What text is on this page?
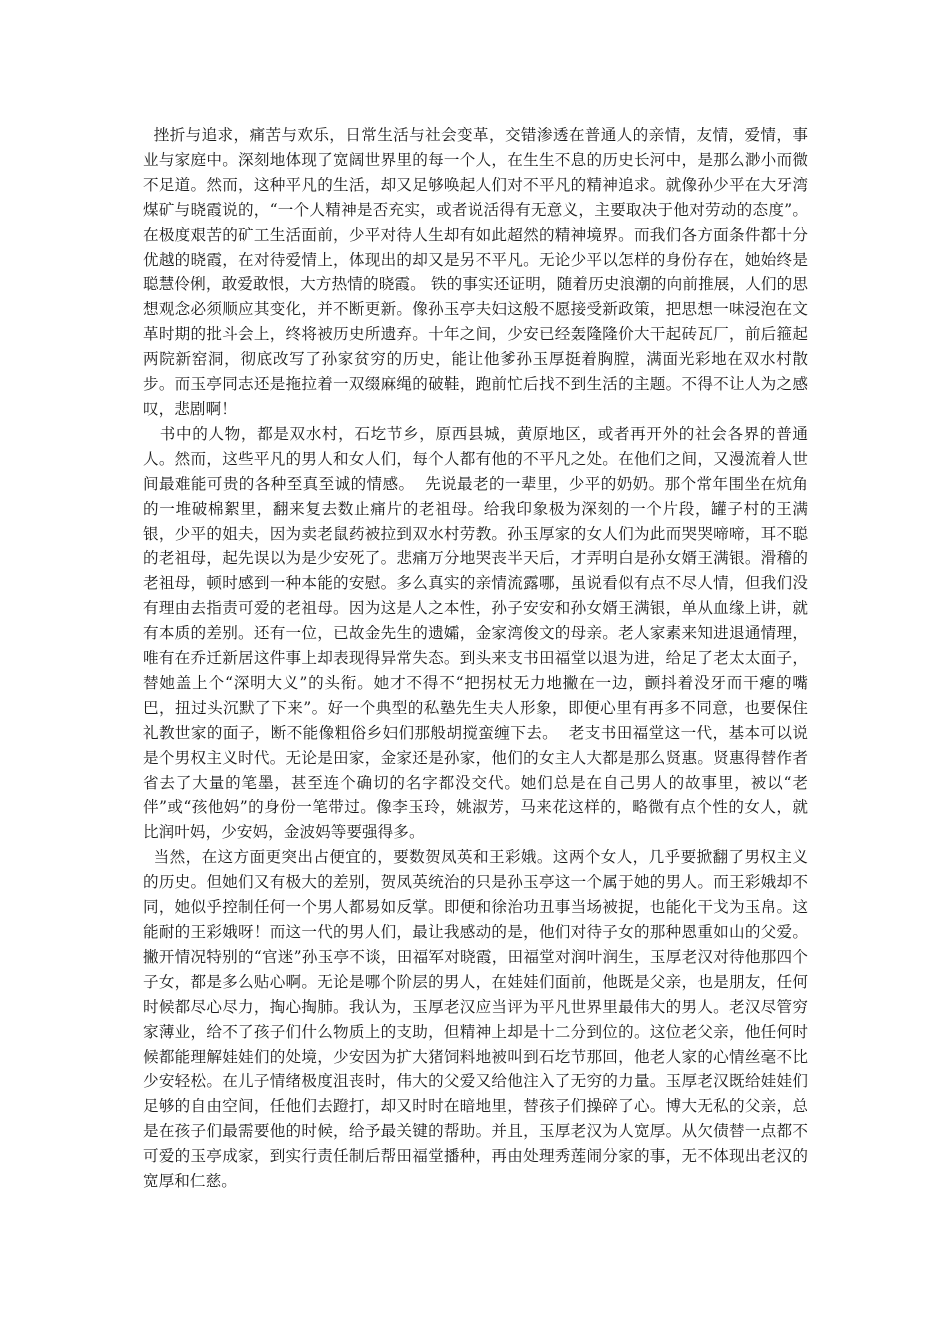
挫折与追求，痛苦与欢乐，日常生活与社会变革，交错渗透在普通人的亲情，友情，爱情，事业与家庭中。深刻地体现了宽阔世界里的每一个人，在生生不息的历史长河中，是那么渺小而微不足道。然而，这种平凡的生活，却又足够唤起人们对不平凡的精神追求。就像孙少平在大牙湾煤矿与晓霞说的，“一个人精神是否充实，或者说活得有无意义，主要取决于他对劳动的态度”。在极度艰苦的矿工生活面前，少平对待人生却有如此超然的精神境界。而我们各方面条件都十分优越的晓霞，在对待爱情上，体现出的却又是另不平凡。无论少平以怎样的身份存在，她始终是聪慧伶俐，敢爱敢恨，大方热情的晓霞。 铁的事实还证明，随着历史浪潮的向前推展，人们的思想观念必须顺应其变化，并不断更新。像孙玉亭夫妇这般不愿接受新政策，把思想一味浸泡在文革时期的批斗会上，终将被历史所遗弃。十年之间，少安已经轰隆隆价大干起砖瓦厂，前后箍起两院新窑洞，彻底改写了孙家贫穷的历史，能让他爹孙玉厚挺着胸膛，满面光彩地在双水村散步。而玉亭同志还是拖拉着一双缀麻绳的破鞋，跑前忙后找不到生活的主题。不得不让人为之感叹，悲剧啊！

书中的人物，都是双水村，石圪节乡，原西县城，黄原地区，或者再开外的社会各界的普通人。然而，这些平凡的男人和女人们，每个人都有他的不平凡之处。在他们之间，又漫流着人世间最难能可贵的各种至真至诚的情感。  先说最老的一辈里，少平的奶奶。那个常年围坐在炕角的一堆破棉絮里，翻来复去数止痛片的老祖母。给我印象极为深刻的一个片段，罐子村的王满银，少平的姐夫，因为卖老鼠药被拉到双水村劳教。孙玉厚家的女人们为此而哭哭啼啼，耳不聪的老祖母，起先误以为是少安死了。悲痛万分地哭丧半天后，才弄明白是孙女婿王满银。滑稽的老祖母，顿时感到一种本能的安慰。多么真实的亲情流露哪，虽说看似有点不尽人情，但我们没有理由去指责可爱的老祖母。因为这是人之本性，孙子安安和孙女婿王满银，单从血缘上讲，就有本质的差别。还有一位，已故金先生的遗孀，金家湾俊文的母亲。老人家素来知进退通情理，唯有在乔迁新居这件事上却表现得异常失态。到头来支书田福堂以退为进，给足了老太太面子，替她盖上个“深明大义”的头衔。她才不得不“把拐杖无力地撇在一边，颤抖着没牙而干瘪的嘴巴，扭过头沉默了下来”。好一个典型的私塾先生夫人形象，即便心里有再多不同意，也要保住礼教世家的面子，断不能像粗俗乡妇们那般胡搅蛮缠下去。  老支书田福堂这一代，基本可以说是个男权主义时代。无论是田家，金家还是孙家，他们的女主人大都是那么贤惠。贤惠得替作者省去了大量的笔墨，甚至连个确切的名字都没交代。她们总是在自己男人的故事里，被以“老伴”或“孩他妈”的身份一笔带过。像李玉玲，姚淑芳，马来花这样的，略微有点个性的女人，就比润叶妈，少安妈，金波妈等要强得多。

当然，在这方面更突出占便宜的，要数贺凤英和王彩娥。这两个女人，几乎要掀翻了男权主义的历史。但她们又有极大的差别，贺凤英统治的只是孙玉亭这一个属于她的男人。而王彩娥却不同，她似乎控制任何一个男人都易如反掌。即便和徐治功丑事当场被捉，也能化干戈为玉帛。这能耐的王彩娥呀！而这一代的男人们，最让我感动的是，他们对待子女的那种恩重如山的父爱。撇开情况特别的“官迷”孙玉亭不谈，田福军对晓霞，田福堂对润叶润生，玉厚老汉对待他那四个子女，都是多么贴心啊。无论是哪个阶层的男人，在娃娃们面前，他既是父亲，也是朋友，任何时候都尽心尽力，掏心掏肺。我认为，玉厚老汉应当评为平凡世界里最伟大的男人。老汉尽管穷家薄业，给不了孩子们什么物质上的支助，但精神上却是十二分到位的。这位老父亲，他任何时候都能理解娃娃们的处境，少安因为扩大猪饲料地被叫到石圪节那回，他老人家的心情丝毫不比少安轻松。在儿子情绪极度沮丧时，伟大的父爱又给他注入了无穷的力量。玉厚老汉既给娃娃们足够的自由空间，任他们去蹬打，却又时时在暗地里，替孩子们操碎了心。博大无私的父亲，总是在孩子们最需要他的时候，给予最关键的帮助。并且，玉厚老汉为人宽厚。从欠债替一点都不可爱的玉亭成家，到实行责任制后帮田福堂播种，再由处理秀莲闹分家的事，无不体现出老汉的宽厚和仁慈。
